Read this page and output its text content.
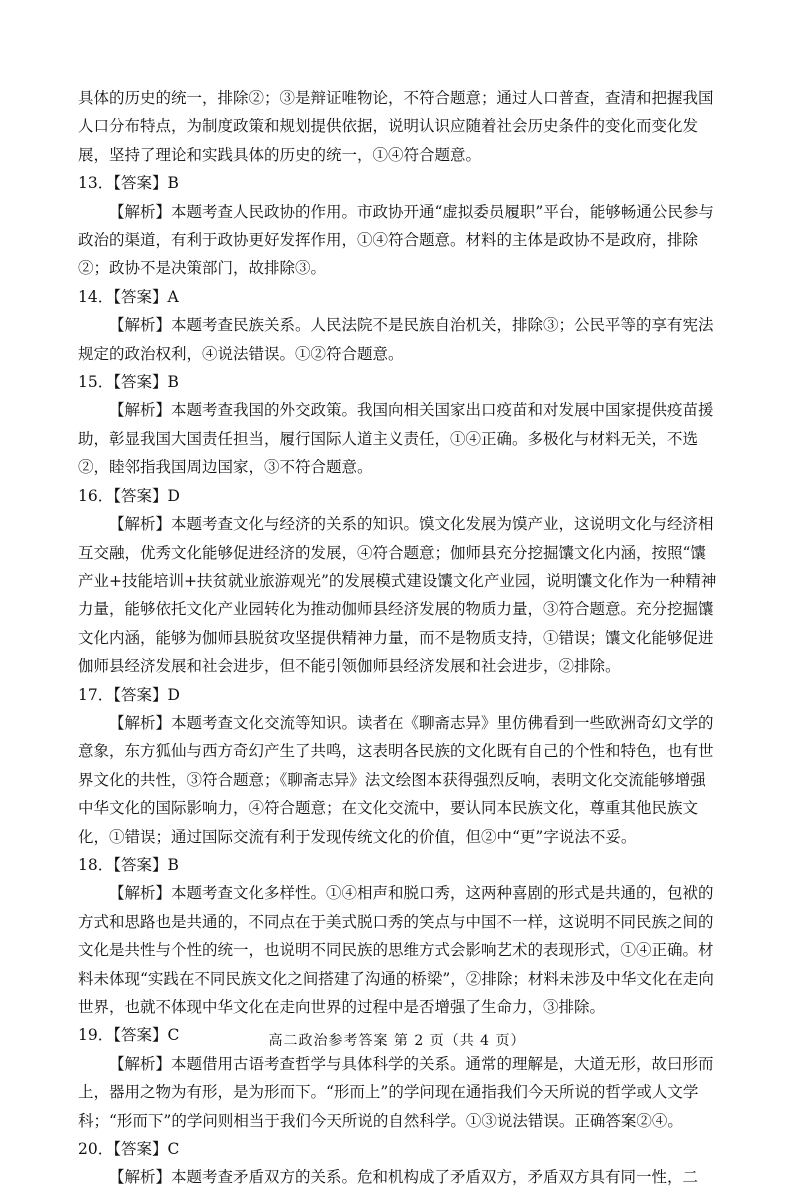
具体的历史的统一，排除②；③是辩证唯物论，不符合题意；通过人口普查，查清和把握我国人口分布特点，为制度政策和规划提供依据，说明认识应随着社会历史条件的变化而变化发展，坚持了理论和实践具体的历史的统一，①④符合题意。

13．【答案】B

【解析】本题考查人民政协的作用。市政协开通“虚拟委员履职”平台，能够畅通公民参与政治的渠道，有利于政协更好发挥作用，①④符合题意。材料的主体是政协不是政府，排除②；政协不是决策部门，故排除③。

14．【答案】A

【解析】本题考查民族关系。人民法院不是民族自治机关，排除③；公民平等的享有宪法规定的政治权利，④说法错误。①②符合题意。

15．【答案】B

【解析】本题考查我国的外交政策。我国向相关国家出口疫苗和对发展中国家提供疫苗援助，彰显我国大国责任担当，履行国际人道主义责任，①④正确。多极化与材料无关，不选②，睦邻指我国周边国家，③不符合题意。

16．【答案】D

【解析】本题考查文化与经济的关系的知识。馍文化发展为馍产业，这说明文化与经济相互交融，优秀文化能够促进经济的发展，④符合题意；伽师县充分挖掘馕文化内涵，按照“馕产业+技能培训+扶贫就业旅游观光”的发展模式建设馕文化产业园，说明馕文化作为一种精神力量，能够依托文化产业园转化为推动伽师县经济发展的物质力量，③符合题意。充分挖掘馕文化内涵，能够为伽师县脱贫攻坚提供精神力量，而不是物质支持，①错误；馕文化能够促进伽师县经济发展和社会进步，但不能引领伽师县经济发展和社会进步，②排除。

17．【答案】D

【解析】本题考查文化交流等知识。读者在《聊斋志异》里仿佛看到一些欧洲奇幻文学的意象，东方狐仙与西方奇幻产生了共鸣，这表明各民族的文化既有自己的个性和特色，也有世界文化的共性，③符合题意；《聊斋志异》法文绘图本获得强烈反响，表明文化交流能够增强中华文化的国际影响力，④符合题意；在文化交流中，要认同本民族文化，尊重其他民族文化，①错误；通过国际交流有利于发现传统文化的价值，但②中“更”字说法不妥。

18．【答案】B

【解析】本题考查文化多样性。①④相声和脱口秀，这两种喜剧的形式是共通的，包袱的方式和思路也是共通的，不同点在于美式脱口秀的笑点与中国不一样，这说明不同民族之间的文化是共性与个性的统一，也说明不同民族的思维方式会影响艺术的表现形式，①④正确。材料未体现“实践在不同民族文化之间搭建了沟通的桥梁”，②排除；材料未涉及中华文化在走向世界，也就不体现中华文化在走向世界的过程中是否增强了生命力，③排除。

19．【答案】C

【解析】本题借用古语考查哲学与具体科学的关系。通常的理解是，大道无形，故曰形而上，器用之物为有形，是为形而下。“形而上”的学问现在通指我们今天所说的哲学或人文学科；“形而下”的学问则相当于我们今天所说的自然科学。①③说法错误。正确答案②④。

20．【答案】C

【解析】本题考查矛盾双方的关系。危和机构成了矛盾双方，矛盾双方具有同一性，二

高二政治参考答案 第 2 页（共 4 页）
